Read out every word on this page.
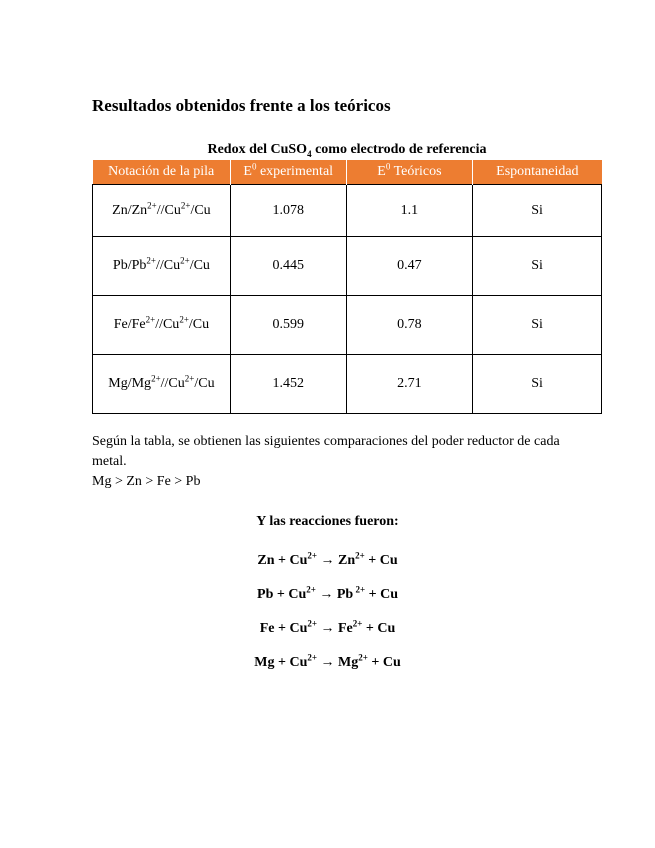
Resultados obtenidos frente a los teóricos
Redox del CuSO$_4$ como electrodo de referencia
Notación de la pila	$E^0$ experimental	$E^0$ Teóricos	Espontaneidad
$Zn/Zn^{2+}//Cu^{2+}/Cu$	1.078	1.1	Si
$Pb/Pb^{2+}//Cu^{2+}/Cu$	0.445	0.47	Si
$Fe/Fe^{2+}//Cu^{2+}/Cu$	0.599	0.78	Si
$Mg/Mg^{2+}//Cu^{2+}/Cu$	1.452	2.71	Si

Según la tabla, se obtienen las siguientes comparaciones del poder reductor de cada metal.

Mg > Zn > Fe > Pb

Y las reacciones fueron:
$Zn + Cu^{2+} \to Zn^{2+} + Cu$
$Pb + Cu^{2+} \to Pb$ $^{2+}$ + Cu
$Fe + Cu^{2+} \to Fe^{2+} + Cu$
$Mg + Cu^{2+} \to Mg^{2+} + Cu$
